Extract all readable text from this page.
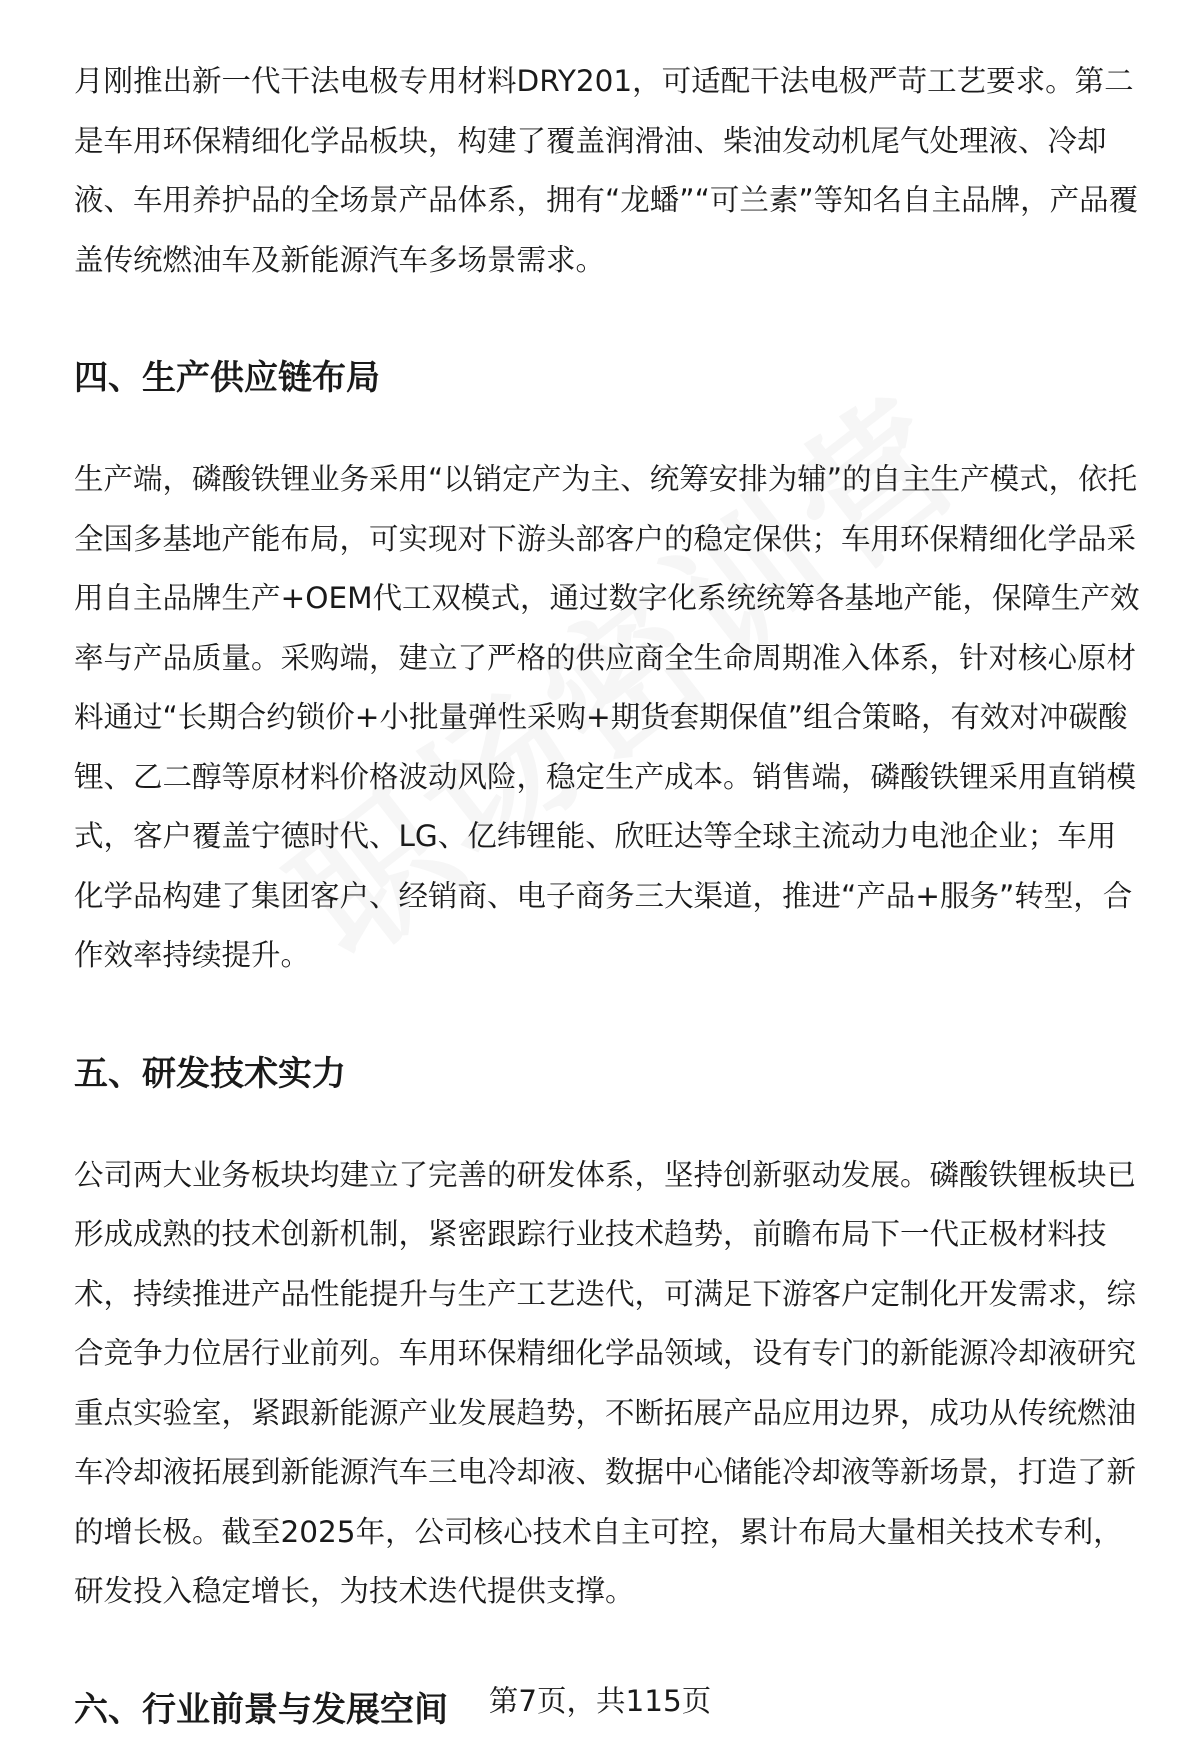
月刚推出新一代干法电极专用材料DRY201，可适配干法电极严苛工艺要求。第二是车用环保精细化学品板块，构建了覆盖润滑油、柴油发动机尾气处理液、冷却液、车用养护品的全场景产品体系，拥有“龙蟠”“可兰素”等知名自主品牌，产品覆盖传统燃油车及新能源汽车多场景需求。

四、生产供应链布局

生产端，磷酸铁锂业务采用“以销定产为主、统筹安排为辅”的自主生产模式，依托全国多基地产能布局，可实现对下游头部客户的稳定保供；车用环保精细化学品采用自主品牌生产+OEM代工双模式，通过数字化系统统筹各基地产能，保障生产效率与产品质量。采购端，建立了严格的供应商全生命周期准入体系，针对核心原材料通过“长期合约锁价+小批量弹性采购+期货套期保值”组合策略，有效对冲碳酸锂、乙二醇等原材料价格波动风险，稳定生产成本。销售端，磷酸铁锂采用直销模式，客户覆盖宁德时代、LG、亿纬锂能、欣旺达等全球主流动力电池企业；车用化学品构建了集团客户、经销商、电子商务三大渠道，推进“产品+服务”转型，合作效率持续提升。

五、研发技术实力

公司两大业务板块均建立了完善的研发体系，坚持创新驱动发展。磷酸铁锂板块已形成成熟的技术创新机制，紧密跟踪行业技术趋势，前瞻布局下一代正极材料技术，持续推进产品性能提升与生产工艺迭代，可满足下游客户定制化开发需求，综合竞争力位居行业前列。车用环保精细化学品领域，设有专门的新能源冷却液研究重点实验室，紧跟新能源产业发展趋势，不断拓展产品应用边界，成功从传统燃油车冷却液拓展到新能源汽车三电冷却液、数据中心储能冷却液等新场景，打造了新的增长极。截至2025年，公司核心技术自主可控，累计布局大量相关技术专利，研发投入稳定增长，为技术迭代提供支撑。

六、行业前景与发展空间	第7页，共115页
